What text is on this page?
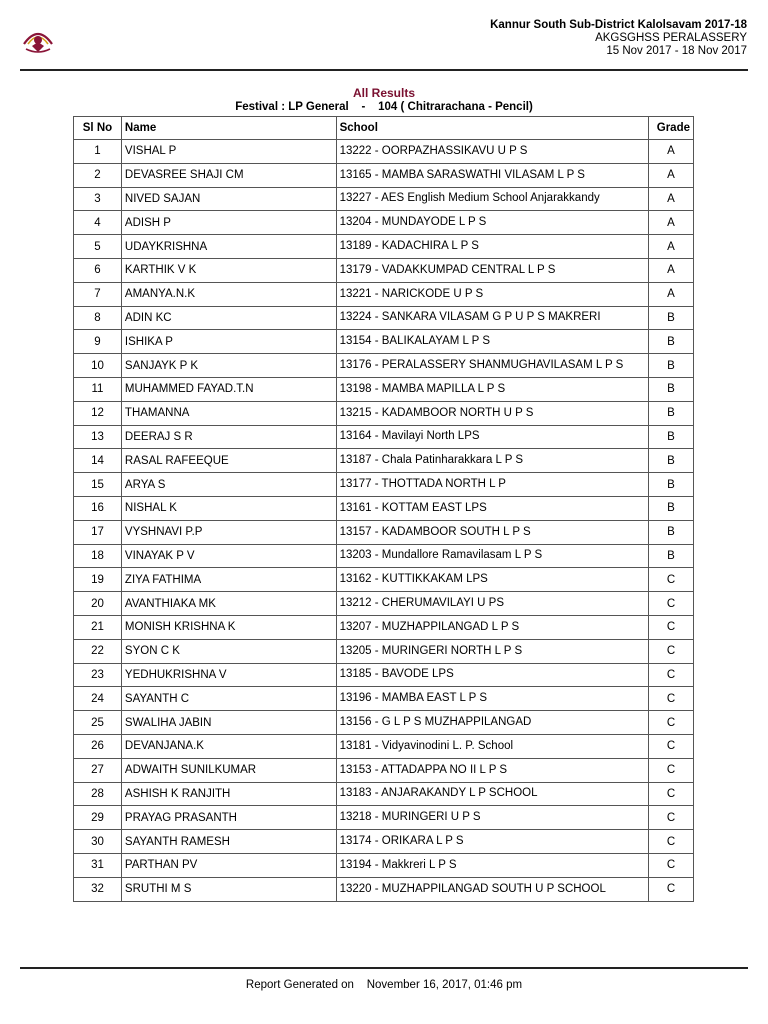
Kannur South Sub-District Kalolsavam 2017-18
AKGSGHSS PERALASSERY
15 Nov 2017 - 18 Nov 2017
All Results
Festival : LP General    -    104 ( Chitrarachana - Pencil)
Sl No	Name	School	Grade
1	VISHAL P	13222 - OORPAZHASSIKAVU U P S	A
2	DEVASREE SHAJI CM	13165 - MAMBA SARASWATHI VILASAM L P S	A
3	NIVED SAJAN	13227 - AES English Medium School Anjarakkandy	A
4	ADISH P	13204 - MUNDAYODE L P S	A
5	UDAYKRISHNA	13189 - KADACHIRA L P S	A
6	KARTHIK V K	13179 - VADAKKUMPAD CENTRAL L P S	A
7	AMANYA.N.K	13221 - NARICKODE U P S	A
8	ADIN KC	13224 - SANKARA VILASAM G P U P S MAKRERI	B
9	ISHIKA P	13154 - BALIKALAYAM L P S	B
10	SANJAYK P K	13176 - PERALASSERY SHANMUGHAVILASAM L P S	B
11	MUHAMMED FAYAD.T.N	13198 - MAMBA MAPILLA L P S	B
12	THAMANNA	13215 - KADAMBOOR NORTH U P S	B
13	DEERAJ S R	13164 - Mavilayi North LPS	B
14	RASAL RAFEEQUE	13187 - Chala Patinharakkara L P S	B
15	ARYA S	13177 - THOTTADA NORTH L P	B
16	NISHAL K	13161 - KOTTAM EAST LPS	B
17	VYSHNAVI P.P	13157 - KADAMBOOR SOUTH L P S	B
18	VINAYAK P V	13203 - Mundallore Ramavilasam L P S	B
19	ZIYA FATHIMA	13162 - KUTTIKKAKAM LPS	C
20	AVANTHIAKA MK	13212 - CHERUMAVILAYI U PS	C
21	MONISH KRISHNA K	13207 - MUZHAPPILANGAD L P S	C
22	SYON C K	13205 - MURINGERI NORTH L P S	C
23	YEDHUKRISHNA V	13185 - BAVODE LPS	C
24	SAYANTH C	13196 - MAMBA EAST L P S	C
25	SWALIHA JABIN	13156 - G L P S MUZHAPPILANGAD	C
26	DEVANJANA.K	13181 - Vidyavinodini L. P. School	C
27	ADWAITH SUNILKUMAR	13153 - ATTADAPPA NO II L P S	C
28	ASHISH K RANJITH	13183 - ANJARAKANDY L P SCHOOL	C
29	PRAYAG PRASANTH	13218 - MURINGERI U P S	C
30	SAYANTH RAMESH	13174 - ORIKARA L P S	C
31	PARTHAN PV	13194 - Makkreri L P S	C
32	SRUTHI M S	13220 - MUZHAPPILANGAD SOUTH U P SCHOOL	C
Report Generated on    November 16, 2017, 01:46 pm
